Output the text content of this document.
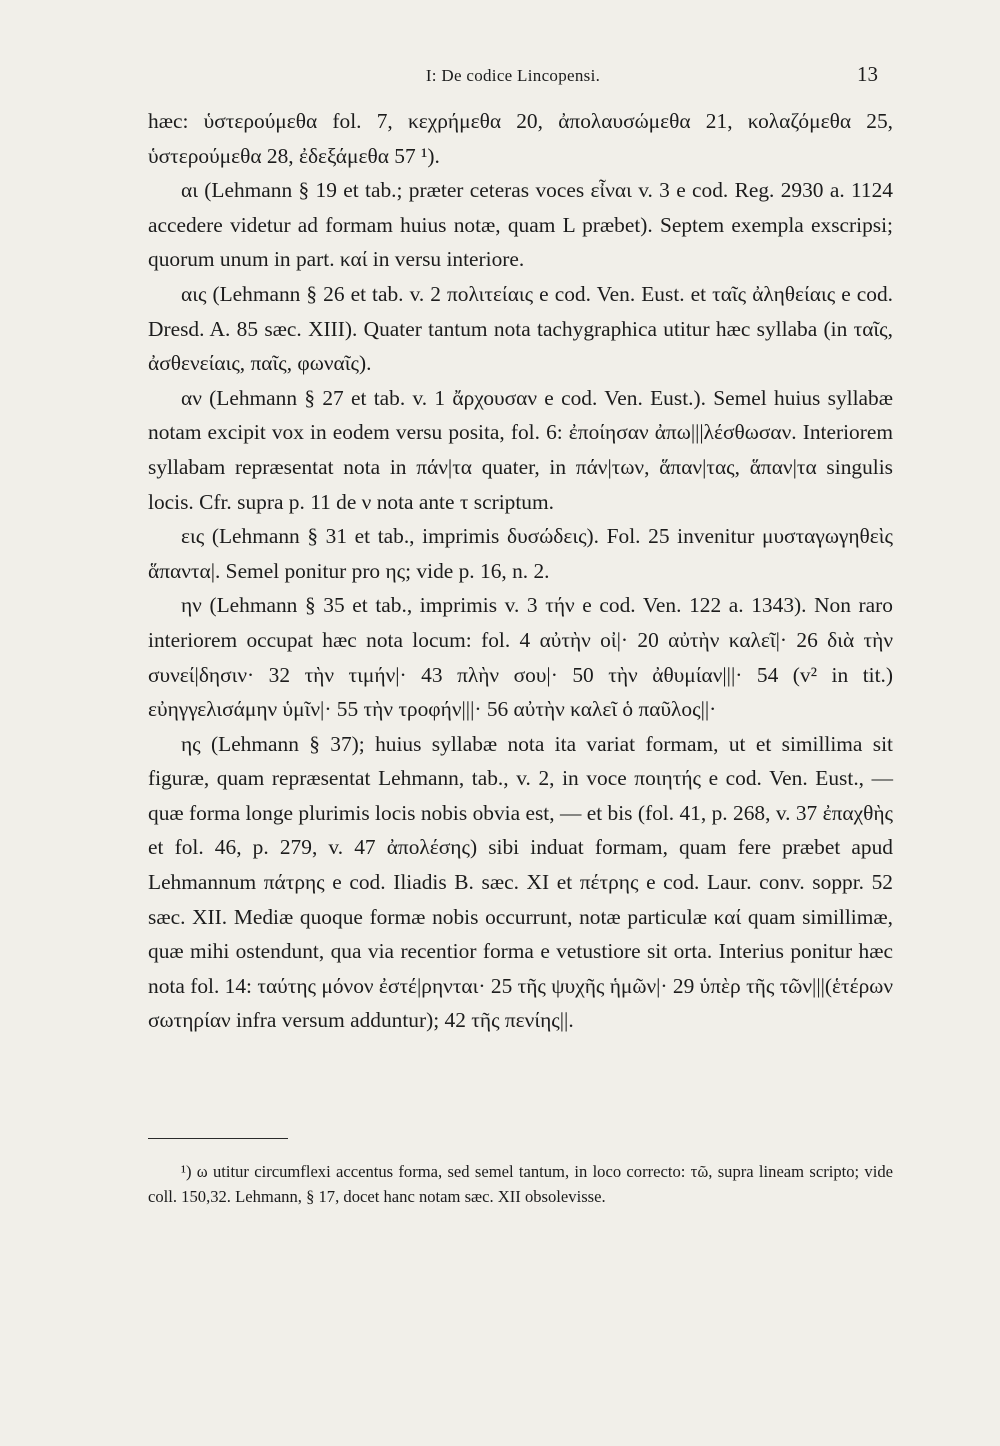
I: De codice Lincopensi.	13

hæc: ὑστερούμεθα fol. 7, κεχρήμεθα 20, ἀπολαυσώμεθα 21, κολαζόμεθα 25, ὑστερούμεθα 28, ἐδεξάμεθα 57 ¹).

αι (Lehmann § 19 et tab.; præter ceteras voces εἶναι v. 3 e cod. Reg. 2930 a. 1124 accedere videtur ad formam huius notæ, quam L præbet). Septem exempla exscripsi; quorum unum in part. καί in versu interiore.

αις (Lehmann § 26 et tab. v. 2 πολιτείαις e cod. Ven. Eust. et ταῖς ἀληθείαις e cod. Dresd. A. 85 sæc. XIII). Quater tantum nota tachygraphica utitur hæc syllaba (in ταῖς, ἀσθενείαις, παῖς, φωναῖς).

αν (Lehmann § 27 et tab. v. 1 ἄρχουσαν e cod. Ven. Eust.). Semel huius syllabæ notam excipit vox in eodem versu posita, fol. 6: ἐποίησαν ἀπω|||λέσθωσαν. Interiorem syllabam repræsentat nota in πάν|τα quater, in πάν|των, ἅπαν|τας, ἅπαν|τα singulis locis. Cfr. supra p. 11 de ν nota ante τ scriptum.

εις (Lehmann § 31 et tab., imprimis δυσώδεις). Fol. 25 invenitur μυσταγωγηθεὶς ἅπαντα|. Semel ponitur pro ης; vide p. 16, n. 2.

ην (Lehmann § 35 et tab., imprimis v. 3 τήν e cod. Ven. 122 a. 1343). Non raro interiorem occupat hæc nota locum: fol. 4 αὐτὴν οἰ|· 20 αὐτὴν καλεῖ|· 26 διὰ τὴν συνεί|δησιν· 32 τὴν τιμήν|· 43 πλὴν σου|· 50 τὴν ἀθυμίαν|||· 54 (v² in tit.) εὐηγγελισάμην ὑμῖν|· 55 τὴν τροφήν|||· 56 αὐτὴν καλεῖ ὁ παῦλος||·

ης (Lehmann § 37); huius syllabæ nota ita variat formam, ut et simillima sit figuræ, quam repræsentat Lehmann, tab., v. 2, in voce ποιητής e cod. Ven. Eust., — quæ forma longe plurimis locis nobis obvia est, — et bis (fol. 41, p. 268, v. 37 ἐπαχθὴς et fol. 46, p. 279, v. 47 ἀπολέσης) sibi induat formam, quam fere præbet apud Lehmannum πάτρης e cod. Iliadis B. sæc. XI et πέτρης e cod. Laur. conv. soppr. 52 sæc. XII. Mediæ quoque formæ nobis occurrunt, notæ particulæ καί quam simillimæ, quæ mihi ostendunt, qua via recentior forma e vetustiore sit orta. Interius ponitur hæc nota fol. 14: ταύτης μόνον ἐστέ|ρηνται· 25 τῆς ψυχῆς ἡμῶν|· 29 ὑπὲρ τῆς τῶν|||(ἑτέρων σωτηρίαν infra versum adduntur); 42 τῆς πενίης||.

¹) ω utitur circumflexi accentus forma, sed semel tantum, in loco correcto: τῶ, supra lineam scripto; vide coll. 150,32. Lehmann, § 17, docet hanc notam sæc. XII obsolevisse.
